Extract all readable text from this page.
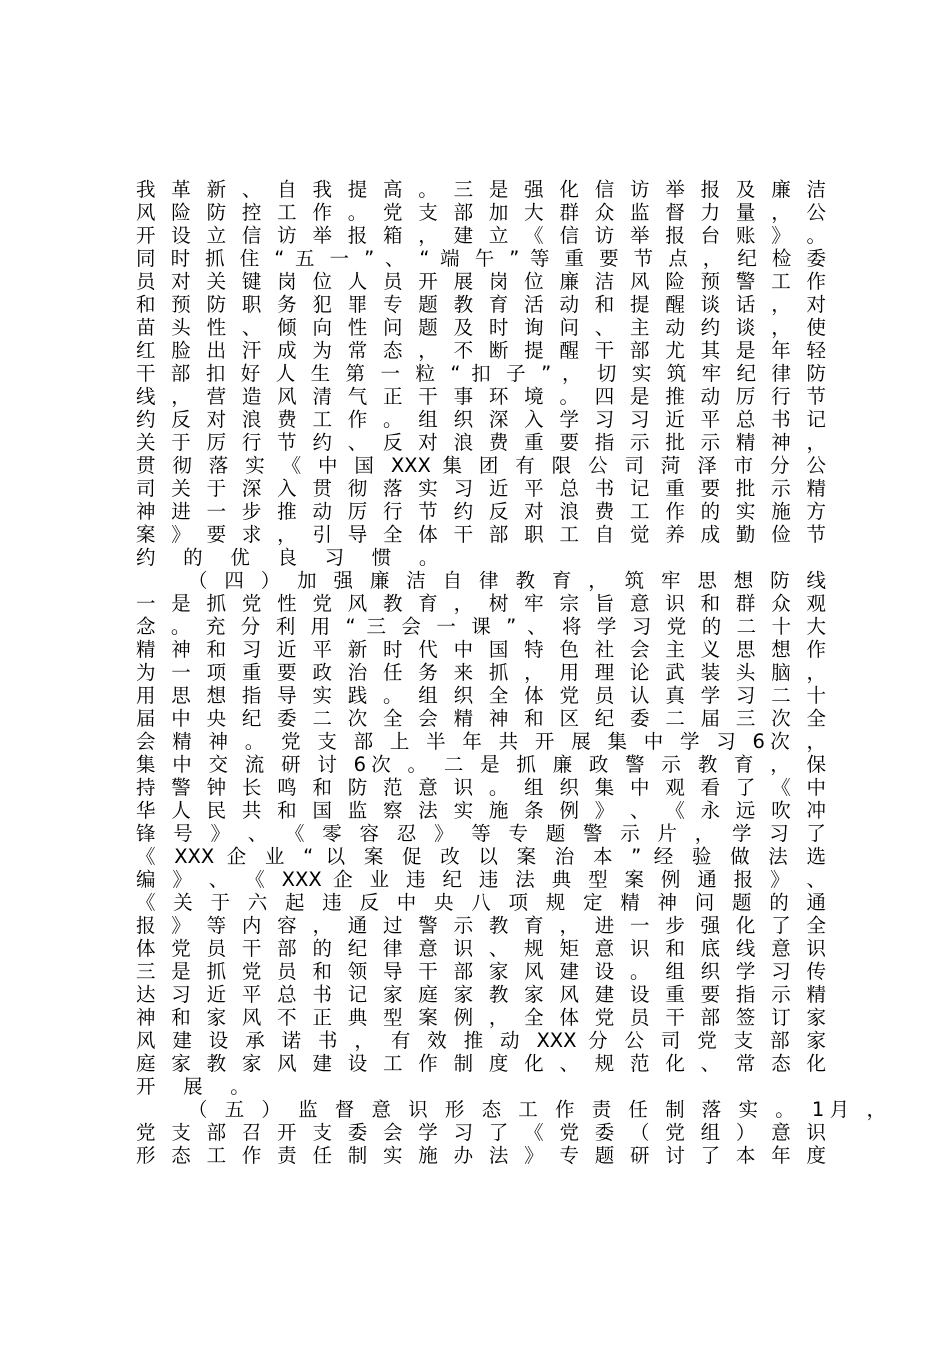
我 革 新 、 自 我 提 高 。 三 是 强 化 信 访 举 报 及 廉 洁
风 险 防 控 工 作 。 党 支 部 加 大 群 众 监 督 力 量 ， 公
开 设 立 信 访 举 报 箱 ， 建 立 《 信 访 举 报 台 账 》 。
同 时 抓 住 “ 五 一 ” 、 “ 端 午 ” 等 重 要 节 点 ， 纪 检 委
员 对 关 键 岗 位 人 员 开 展 岗 位 廉 洁 风 险 预 警 工 作
和 预 防 职 务 犯 罪 专 题 教 育 活 动 和 提 醒 谈 话 ， 对
苗 头 性 、 倾 向 性 问 题 及 时 询 问 、 主 动 约 谈 ， 使
红 脸 出 汗 成 为 常 态 ， 不 断 提 醒 干 部 尤 其 是 年 轻
干 部 扣 好 人 生 第 一 粒 “ 扣 子 ” ， 切 实 筑 牢 纪 律 防
线 ， 营 造 风 清 气 正 干 事 环 境 。 四 是 推 动 厉 行 节
约 反 对 浪 费 工 作 。 组 织 深 入 学 习 习 近 平 总 书 记
关 于 厉 行 节 约 、 反 对 浪 费 重 要 指 示 批 示 精 神 ，
贯 彻 落 实 《 中 国 XXX 集 团 有 限 公 司 菏 泽 市 分 公
司 关 于 深 入 贯 彻 落 实 习 近 平 总 书 记 重 要 批 示 精
神 进 一 步 推 动 厉 行 节 约 反 对 浪 费 工 作 的 实 施 方
案 》 要 求 ， 引 导 全 体 干 部 职 工 自 觉 养 成 勤 俭 节
约 的 优 良 习 惯 。
（ 四 ） 加 强 廉 洁 自 律 教 育 ， 筑 牢 思 想 防 线
一 是 抓 党 性 党 风 教 育 ， 树 牢 宗 旨 意 识 和 群 众 观
念 。 充 分 利 用 “ 三 会 一 课 ” 、 将 学 习 党 的 二 十 大
精 神 和 习 近 平 新 时 代 中 国 特 色 社 会 主 义 思 想 作
为 一 项 重 要 政 治 任 务 来 抓 ， 用 理 论 武 装 头 脑 ，
用 思 想 指 导 实 践 。 组 织 全 体 党 员 认 真 学 习 二 十
届 中 央 纪 委 二 次 全 会 精 神 和 区 纪 委 二 届 三 次 全
会 精 神 。 党 支 部 上 半 年 共 开 展 集 中 学 习 6次 ，
集 中 交 流 研 讨 6次 。 二 是 抓 廉 政 警 示 教 育 ， 保
持 警 钟 长 鸣 和 防 范 意 识 。 组 织 集 中 观 看 了 《 中
华 人 民 共 和 国 监 察 法 实 施 条 例 》 、 《 永 远 吹 冲
锋 号 》 、 《 零 容 忍 》 等 专 题 警 示 片 ， 学 习 了
《 XXX 企 业 “ 以 案 促 改 以 案 治 本 ” 经 验 做 法 选
编 》 、 《 XXX 企 业 违 纪 违 法 典 型 案 例 通 报 》 、
《 关 于 六 起 违 反 中 央 八 项 规 定 精 神 问 题 的 通
报 》 等 内 容 ， 通 过 警 示 教 育 ， 进 一 步 强 化 了 全
体 党 员 干 部 的 纪 律 意 识 、 规 矩 意 识 和 底 线 意 识
三 是 抓 党 员 和 领 导 干 部 家 风 建 设 。 组 织 学 习 传
达 习 近 平 总 书 记 家 庭 家 教 家 风 建 设 重 要 指 示 精
神 和 家 风 不 正 典 型 案 例 ， 全 体 党 员 干 部 签 订 家
风 建 设 承 诺 书 ， 有 效 推 动 XXX 分 公 司 党 支 部 家
庭 家 教 家 风 建 设 工 作 制 度 化 、 规 范 化 、 常 态 化
开 展 。
（ 五 ） 监 督 意 识 形 态 工 作 责 任 制 落 实 。 1月 ，
党 支 部 召 开 支 委 会 学 习 了 《 党 委 （ 党 组 ） 意 识
形 态 工 作 责 任 制 实 施 办 法 》 专 题 研 讨 了 本 年 度
